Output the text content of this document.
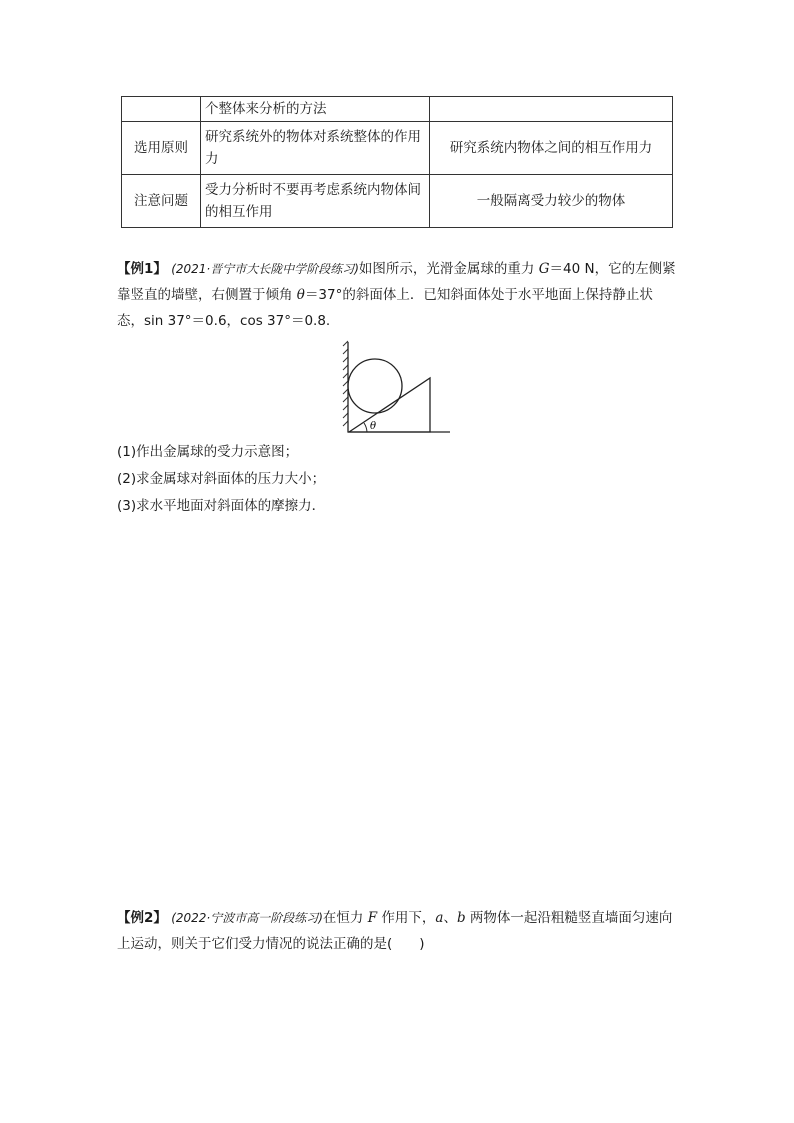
	个整体来分析的方法	
选用原则	研究系统外的物体对系统整体的作用力	研究系统内物体之间的相互作用力
注意问题	受力分析时不要再考虑系统内物体间的相互作用	一般隔离受力较少的物体
【例1】 (2021·晋宁市大长陇中学阶段练习)如图所示，光滑金属球的重力 G＝40 N，它的左侧紧靠竖直的墙壁，右侧置于倾角 θ＝37°的斜面体上．已知斜面体处于水平地面上保持静止状态，sin 37°＝0.6，cos 37°＝0.8.
θ
(1)作出金属球的受力示意图；
(2)求金属球对斜面体的压力大小；
(3)求水平地面对斜面体的摩擦力．
【例2】 (2022·宁波市高一阶段练习)在恒力 F 作用下，a、b 两物体一起沿粗糙竖直墙面匀速向上运动，则关于它们受力情况的说法正确的是(　　)
